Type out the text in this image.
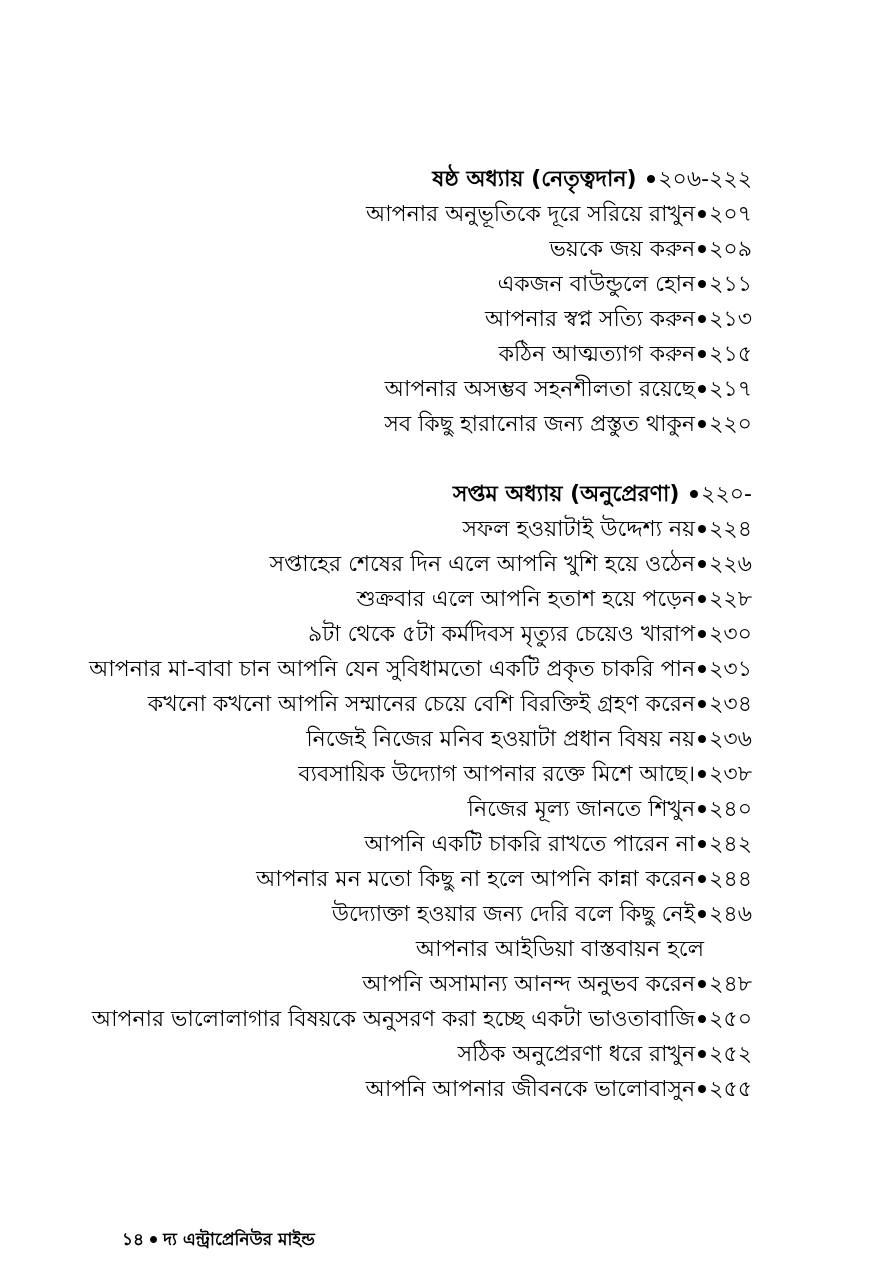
ষষ্ঠ অধ্যায় (নেতৃত্বদান) ২০৬-২২২
আপনার অনুভূতিকে দূরে সরিয়ে রাখুন ২০৭
ভয়কে জয় করুন ২০৯
একজন বাউন্ডুলে হোন ২১১
আপনার স্বপ্ন সত্যি করুন ২১৩
কঠিন আত্মত্যাগ করুন ২১৫
আপনার অসম্ভব সহনশীলতা রয়েছে ২১৭
সব কিছু হারানোর জন্য প্রস্তুত থাকুন ২২০
সপ্তম অধ্যায় (অনুপ্রেরণা) ২২০-
সফল হওয়াটাই উদ্দেশ্য নয় ২২৪
সপ্তাহের শেষের দিন এলে আপনি খুশি হয়ে ওঠেন ২২৬
শুক্রবার এলে আপনি হতাশ হয়ে পড়েন ২২৮
৯টা থেকে ৫টা কর্মদিবস মৃত্যুর চেয়েও খারাপ ২৩০
আপনার মা-বাবা চান আপনি যেন সুবিধামতো একটি প্রকৃত চাকরি পান ২৩১
কখনো কখনো আপনি সম্মানের চেয়ে বেশি বিরক্তিই গ্রহণ করেন ২৩৪
নিজেই নিজের মনিব হওয়াটা প্রধান বিষয় নয় ২৩৬
ব্যবসায়িক উদ্যোগ আপনার রক্তে মিশে আছে। ২৩৮
নিজের মূল্য জানতে শিখুন ২৪০
আপনি একটি চাকরি রাখতে পারেন না ২৪২
আপনার মন মতো কিছু না হলে আপনি কান্না করেন ২৪৪
উদ্যোক্তা হওয়ার জন্য দেরি বলে কিছু নেই ২৪৬
আপনার আইডিয়া বাস্তবায়ন হলে
আপনি অসামান্য আনন্দ অনুভব করেন ২৪৮
আপনার ভালোলাগার বিষয়কে অনুসরণ করা হচ্ছে একটা ভাওতাবাজি ২৫০
সঠিক অনুপ্রেরণা ধরে রাখুন ২৫২
আপনি আপনার জীবনকে ভালোবাসুন ২৫৫
১৪ দ্য এন্ট্রাপ্রেনিউর মাইন্ড
